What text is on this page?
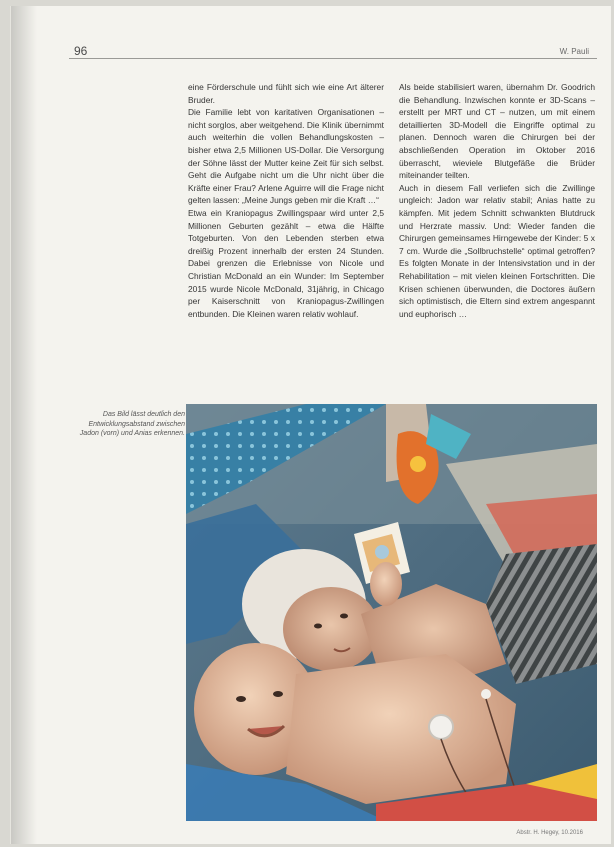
96	W. Pauli

eine Förderschule und fühlt sich wie eine Art älterer Bruder.

Die Familie lebt von karitativen Organisationen – nicht sorglos, aber weitgehend. Die Klinik übernimmt auch weiterhin die vollen Behandlungskosten – bisher etwa 2,5 Millionen US-Dollar. Die Versorgung der Söhne lässt der Mutter keine Zeit für sich selbst. Geht die Aufgabe nicht um die Uhr nicht über die Kräfte einer Frau? Arlene Aguirre will die Frage nicht gelten lassen: „Meine Jungs geben mir die Kraft …“

Etwa ein Kraniopagus Zwillingspaar wird unter 2,5 Millionen Geburten gezählt – etwa die Hälfte Totgeburten. Von den Lebenden sterben etwa dreißig Prozent innerhalb der ersten 24 Stunden. Dabei grenzen die Erlebnisse von Nicole und Christian McDonald an ein Wunder: Im September 2015 wurde Nicole McDonald, 31jährig, in Chicago per Kaiserschnitt von Kraniopagus-Zwillingen entbunden. Die Kleinen waren relativ wohlauf.

Als beide stabilisiert waren, übernahm Dr. Goodrich die Behandlung. Inzwischen konnte er 3D-Scans – erstellt per MRT und CT – nutzen, um mit einem detaillierten 3D-Modell die Eingriffe optimal zu planen. Dennoch waren die Chirurgen bei der abschließenden Operation im Oktober 2016 überrascht, wieviele Blutgefäße die Brüder miteinander teilten.

Auch in diesem Fall verliefen sich die Zwillinge ungleich: Jadon war relativ stabil; Anias hatte zu kämpfen. Mit jedem Schnitt schwankten Blutdruck und Herzrate massiv. Und: Wieder fanden die Chirurgen gemeinsames Hirngewebe der Kinder: 5 x 7 cm. Wurde die „Sollbruchstelle“ optimal getroffen? Es folgten Monate in der Intensivstation und in der Rehabilitation – mit vielen kleinen Fortschritten. Die Krisen schienen überwunden, die Doctores äußern sich optimistisch, die Eltern sind extrem angespannt und euphorisch …

Das Bild lässt deutlich den Entwicklungsabstand zwischen Jadon (vorn) und Anias erkennen.
Abstr. H. Hegey, 10.2016
